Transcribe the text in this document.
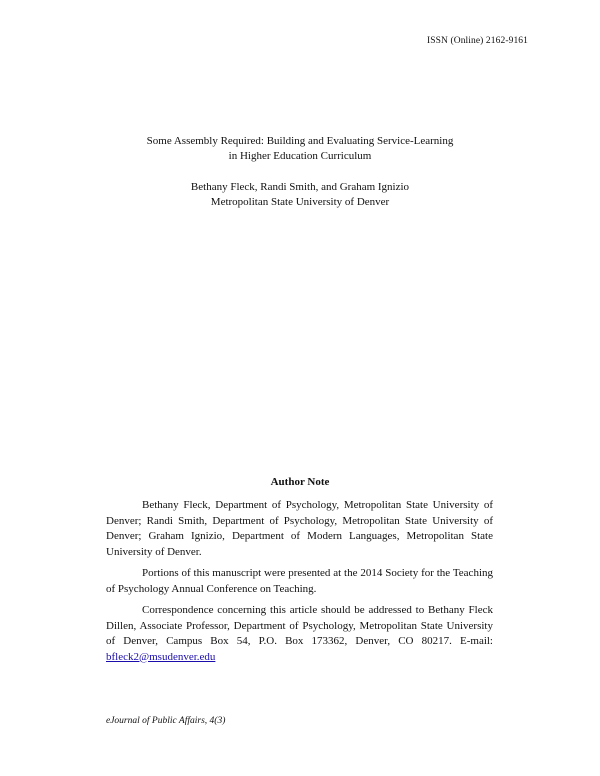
ISSN (Online) 2162-9161
Some Assembly Required: Building and Evaluating Service-Learning
in Higher Education Curriculum
Bethany Fleck, Randi Smith, and Graham Ignizio
Metropolitan State University of Denver
Author Note

Bethany Fleck, Department of Psychology, Metropolitan State University of Denver; Randi Smith, Department of Psychology, Metropolitan State University of Denver; Graham Ignizio, Department of Modern Languages, Metropolitan State University of Denver.

Portions of this manuscript were presented at the 2014 Society for the Teaching of Psychology Annual Conference on Teaching.

Correspondence concerning this article should be addressed to Bethany Fleck Dillen, Associate Professor, Department of Psychology, Metropolitan State University of Denver, Campus Box 54, P.O. Box 173362, Denver, CO 80217. E-mail: bfleck2@msudenver.edu

eJournal of Public Affairs, 4(3)
